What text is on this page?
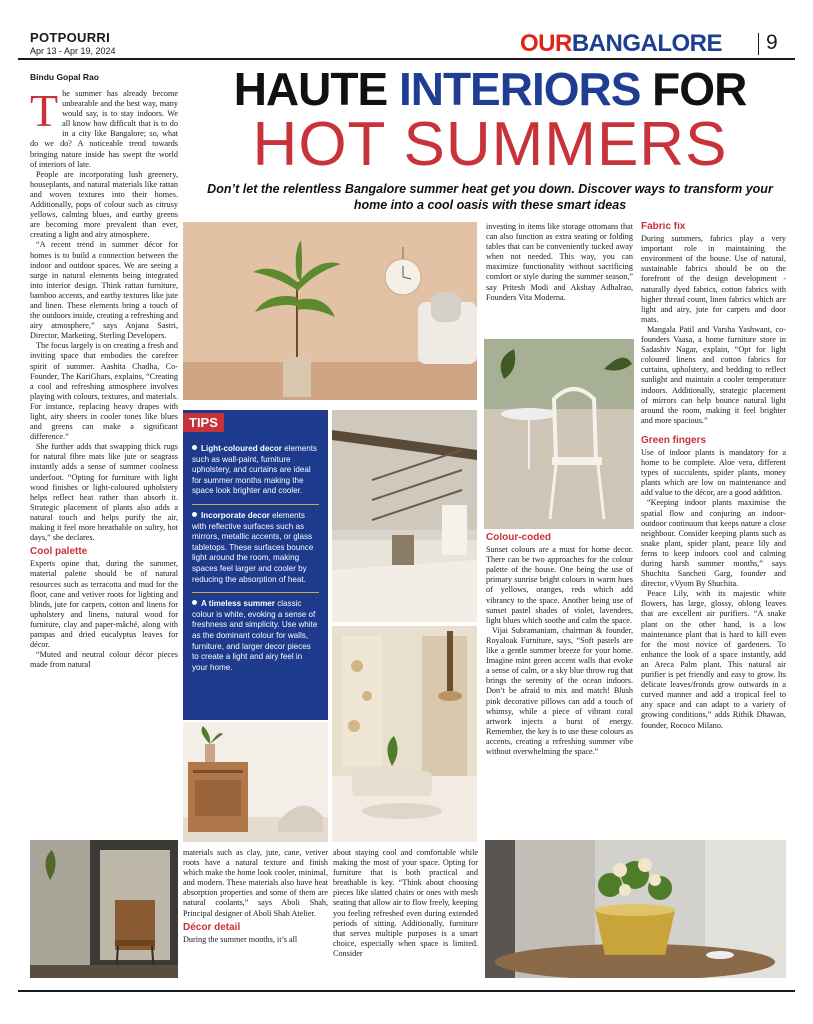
POTPOURRI
Apr 13 - Apr 19, 2024	OURBANGALORE 9
Bindu Gopal Rao	HAUTE INTERIORS FOR
HOT SUMMERS
Don’t let the relentless Bangalore summer heat get you down. Discover ways to transform your home into a cool oasis with these smart ideas

The summer has already become unbearable and the best way, many would say, is to stay indoors. We all know how difficult that is to do in a city like Bangalore; so, what do we do? A noticeable trend towards bringing nature inside has swept the world of interiors of late.

People are incorporating lush greenery, houseplants, and natural materials like rattan and woven textures into their homes. Additionally, pops of colour such as citrusy yellows, calming blues, and earthy greens are becoming more prevalent than ever, creating a light and airy atmosphere.

“A recent trend in summer décor for homes is to build a connection between the indoor and outdoor spaces. We are seeing a surge in natural elements being integrated into interior design. Think rattan furniture, bamboo accents, and earthy textures like jute and linen. These elements bring a touch of the outdoors inside, creating a refreshing and airy atmosphere,” says Anjana Sastri, Director, Marketing, Sterling Developers.

The focus largely is on creating a fresh and inviting space that embodies the carefree spirit of summer. Aashita Chadha, Co-Founder, The KariGhars, explains, “Creating a cool and refreshing atmosphere involves playing with colours, textures, and materials. For instance, replacing heavy drapes with light, airy sheers in cooler tones like blues and greens can make a significant difference.”

She further adds that swapping thick rugs for natural fibre mats like jute or seagrass instantly adds a sense of summer coolness underfoot. “Opting for furniture with light wood finishes or light-coloured upholstery helps reflect heat rather than absorb it. Strategic placement of plants also adds a natural touch and helps purify the air, making it feel more breathable on sultry, hot days,” she declares.

Cool palette

Experts opine that, during the summer, material palette should be of natural resources such as terracotta and mud for the floor, cane and vetiver roots for lighting and blinds, jute for carpets, cotton and linens for upholstery and linens, natural wood for furniture, clay and paper-mâché, along with pampas and dried eucalyptus leaves for décor.

“Muted and neutral colour décor pieces made from natural

TIPS
Light-coloured decor elements such as wall-paint, furniture upholstery, and curtains are ideal for summer months making the space look brighter and cooler.
Incorporate decor elements with reflective surfaces such as mirrors, metallic accents, or glass tabletops. These surfaces bounce light around the room, making spaces feel larger and cooler by reducing the absorption of heat.
A timeless summer classic colour is white, evoking a sense of freshness and simplicity. Use white as the dominant colour for walls, furniture, and larger decor pieces to create a light and airy feel in your home.

materials such as clay, jute, cane, vetiver roots have a natural texture and finish which make the home look cooler, minimal, and modern. These materials also have heat absorption properties and some of them are natural coolants,” says Aboli Shah, Principal designer of Aboli Shah Atelier.

Décor detail

During the summer months, it’s all

about staying cool and comfortable while making the most of your space. Opting for furniture that is both practical and breathable is key. “Think about choosing pieces like slatted chairs or ones with mesh seating that allow air to flow freely, keeping you feeling refreshed even during extended periods of sitting. Additionally, furniture that serves multiple purposes is a smart choice, especially when space is limited. Consider

investing in items like storage ottomans that can also function as extra seating or folding tables that can be conveniently tucked away when not needed. This way, you can maximize functionality without sacrificing comfort or style during the summer season,” say Pritesh Modi and Akshay Adhalrao, Founders Vita Moderna.

Colour-coded

Sunset colours are a must for home decor. There can be two approaches for the colour palette of the house. One being the use of primary sunrise bright colours in warm hues of yellows, oranges, reds which add vibrancy to the space. Another being use of sunset pastel shades of violet, lavenders, light blues which soothe and calm the space.

Vijai Subramaniam, chairman & founder, Royaloak Furniture, says, “Soft pastels are like a gentle summer breeze for your home. Imagine mint green accent walls that evoke a sense of calm, or a sky blue throw rug that brings the serenity of the ocean indoors. Don’t be afraid to mix and match! Blush pink decorative pillows can add a touch of whimsy, while a piece of vibrant coral artwork injects a burst of energy. Remember, the key is to use these colours as accents, creating a refreshing summer vibe without overwhelming the space.”

Fabric fix

During summers, fabrics play a very important role in maintaining the environment of the house. Use of natural, sustainable fabrics should be on the forefront of the design development - naturally dyed fabrics, cotton fabrics with higher thread count, linen fabrics which are light and airy, jute for carpets and door mats.

Mangala Patil and Varsha Yashwant, co-founders Vaasa, a home furniture store in Sadashiv Nagar, explain, “Opt for light coloured linens and cotton fabrics for curtains, upholstery, and bedding to reflect sunlight and maintain a cooler temperature indoors. Additionally, strategic placement of mirrors can help bounce natural light around the room, making it feel brighter and more spacious.”

Green fingers

Use of indoor plants is mandatory for a home to be complete. Aloe vera, different types of succulents, spider plants, money plants which are low on maintenance and add value to the décor, are a good addition.

“Keeping indoor plants maximise the spatial flow and conjuring an indoor-outdoor continuum that keeps nature a close neighbour. Consider keeping plants such as snake plant, spider plant, peace lily and ferns to keep indoors cool and calming during harsh summer months,” says Shuchita Sancheti Garg, founder and director, vVyom By Shuchita.

Peace Lily, with its majestic white flowers, has large, glossy, oblong leaves that are excellent air purifiers. “A snake plant on the other hand, is a low maintenance plant that is hard to kill even for the most novice of gardeners. To enhance the look of a space instantly, add an Areca Palm plant. This natural air purifier is pet friendly and easy to grow. Its delicate leaves/fronds grow outwards in a curved manner and add a tropical feel to any space and can adapt to a variety of growing conditions,” adds Rithik Dhawan, founder, Rococo Milano.
